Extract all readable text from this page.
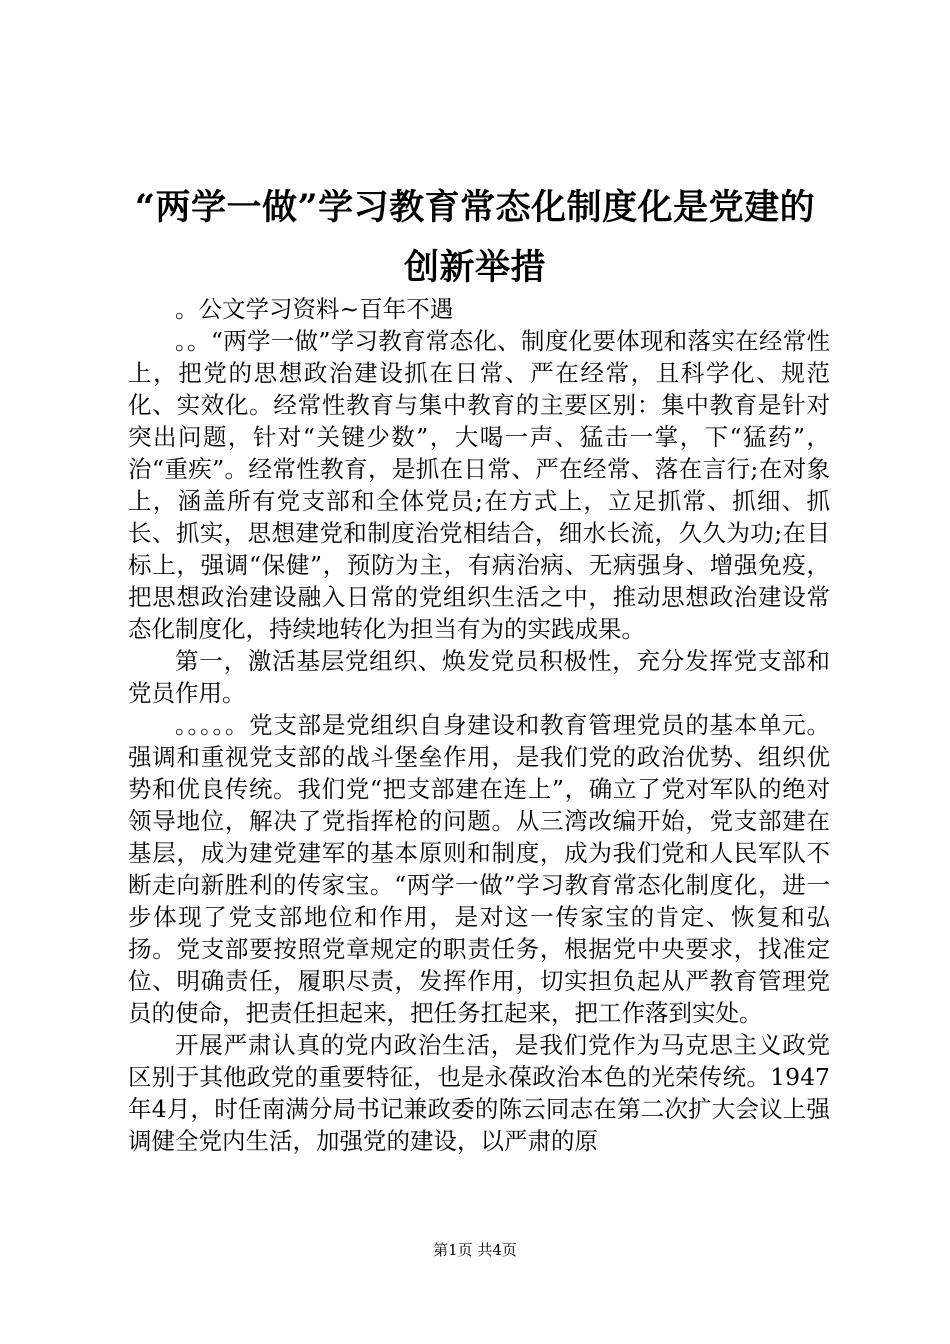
“两学一做”学习教育常态化制度化是党建的
创新举措

。公文学习资料~百年不遇

。。“两学一做”学习教育常态化、制度化要体现和落实在经常性上，把党的思想政治建设抓在日常、严在经常，且科学化、规范化、实效化。经常性教育与集中教育的主要区别：集中教育是针对突出问题，针对“关键少数”，大喝一声、猛击一掌，下“猛药”，治“重疾”。经常性教育，是抓在日常、严在经常、落在言行;在对象上，涵盖所有党支部和全体党员;在方式上，立足抓常、抓细、抓长、抓实，思想建党和制度治党相结合，细水长流，久久为功;在目标上，强调“保健”，预防为主，有病治病、无病强身、增强免疫，把思想政治建设融入日常的党组织生活之中，推动思想政治建设常态化制度化，持续地转化为担当有为的实践成果。

第一，激活基层党组织、焕发党员积极性，充分发挥党支部和党员作用。

。。。。。党支部是党组织自身建设和教育管理党员的基本单元。强调和重视党支部的战斗堡垒作用，是我们党的政治优势、组织优势和优良传统。我们党“把支部建在连上”，确立了党对军队的绝对领导地位，解决了党指挥枪的问题。从三湾改编开始，党支部建在基层，成为建党建军的基本原则和制度，成为我们党和人民军队不断走向新胜利的传家宝。“两学一做”学习教育常态化制度化，进一步体现了党支部地位和作用，是对这一传家宝的肯定、恢复和弘扬。党支部要按照党章规定的职责任务，根据党中央要求，找准定位、明确责任，履职尽责，发挥作用，切实担负起从严教育管理党员的使命，把责任担起来，把任务扛起来，把工作落到实处。

开展严肃认真的党内政治生活，是我们党作为马克思主义政党区别于其他政党的重要特征，也是永葆政治本色的光荣传统。1947年4月，时任南满分局书记兼政委的陈云同志在第二次扩大会议上强调健全党内生活，加强党的建设，以严肃的原

第1页 共4页
